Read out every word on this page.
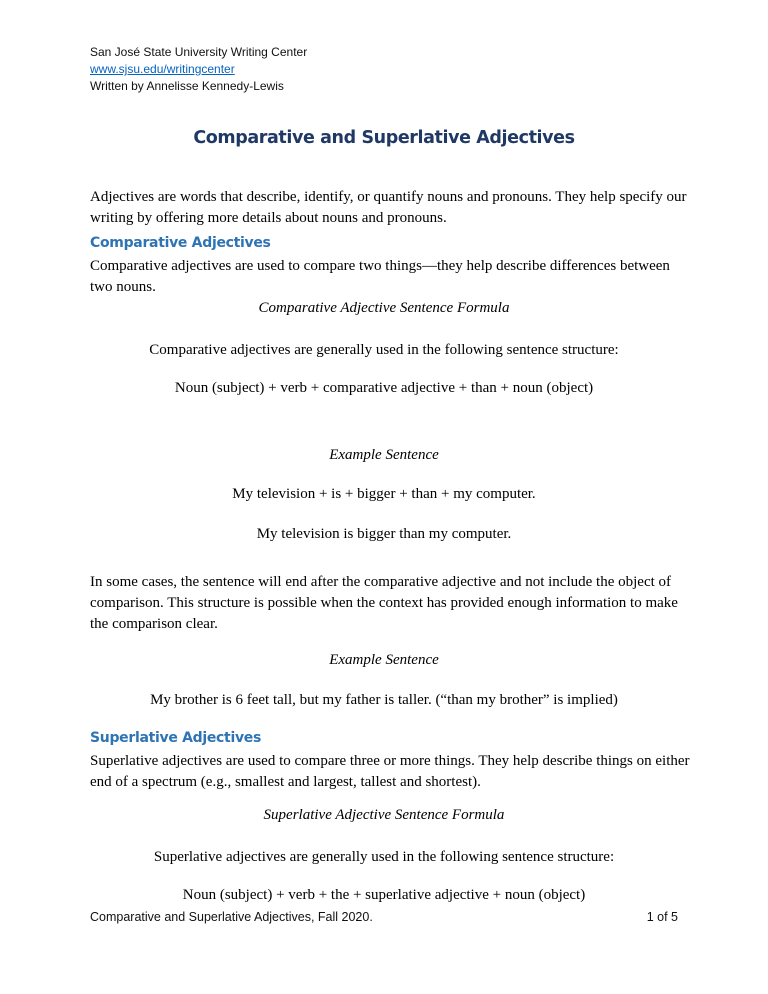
San José State University Writing Center
www.sjsu.edu/writingcenter
Written by Annelisse Kennedy-Lewis
Comparative and Superlative Adjectives
Adjectives are words that describe, identify, or quantify nouns and pronouns. They help specify our writing by offering more details about nouns and pronouns.
Comparative Adjectives
Comparative adjectives are used to compare two things—they help describe differences between two nouns.
Comparative Adjective Sentence Formula
Comparative adjectives are generally used in the following sentence structure:
Noun (subject) + verb + comparative adjective + than + noun (object)
Example Sentence
My television + is + bigger + than + my computer.
My television is bigger than my computer.
In some cases, the sentence will end after the comparative adjective and not include the object of comparison. This structure is possible when the context has provided enough information to make the comparison clear.
Example Sentence
My brother is 6 feet tall, but my father is taller. (“than my brother” is implied)
Superlative Adjectives
Superlative adjectives are used to compare three or more things. They help describe things on either end of a spectrum (e.g., smallest and largest, tallest and shortest).
Superlative Adjective Sentence Formula
Superlative adjectives are generally used in the following sentence structure:
Noun (subject) + verb + the + superlative adjective + noun (object)
Comparative and Superlative Adjectives, Fall 2020.	1 of 5
